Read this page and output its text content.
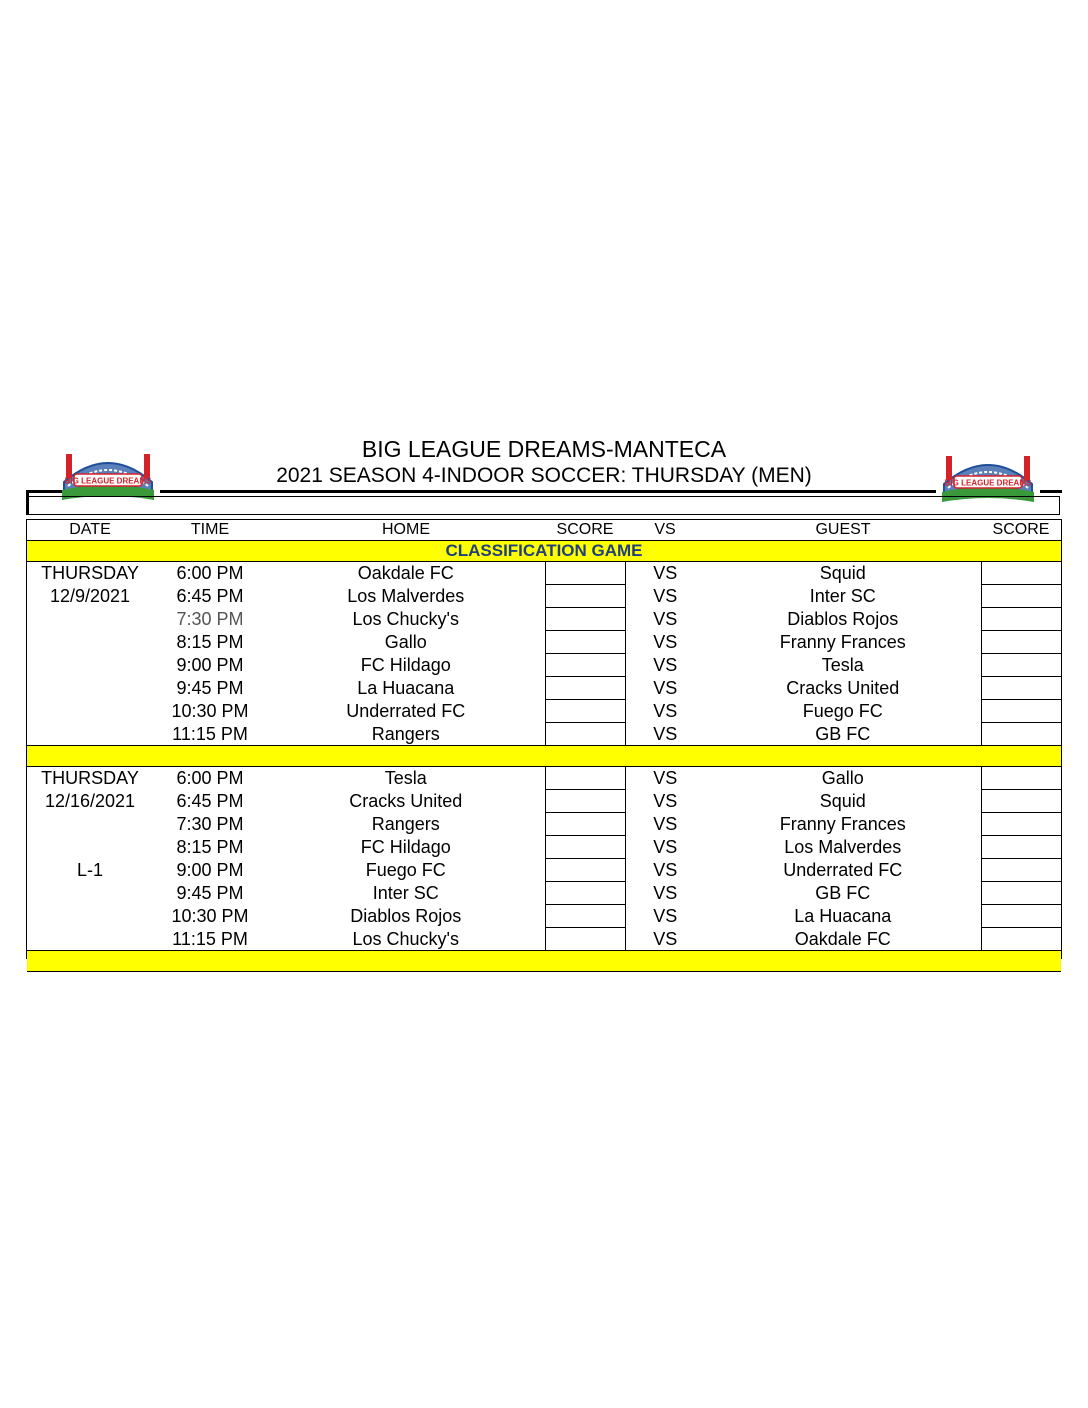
BIG LEAGUE DREAMS	BIG LEAGUE DREAMS
BIG LEAGUE DREAMS-MANTECA
2021 SEASON 4-INDOOR SOCCER: THURSDAY (MEN)
DATE	TIME	HOME	SCORE	VS	GUEST	SCORE
CLASSIFICATION GAME						
THURSDAY	6:00 PM	Oakdale FC		VS	Squid	
12/9/2021	6:45 PM	Los Malverdes		VS	Inter SC	
	7:30 PM	Los Chucky's		VS	Diablos Rojos	
	8:15 PM	Gallo		VS	Franny Frances	
	9:00 PM	FC Hildago		VS	Tesla	
	9:45 PM	La Huacana		VS	Cracks United	
	10:30 PM	Underrated FC		VS	Fuego FC	
	11:15 PM	Rangers		VS	GB FC	

THURSDAY	6:00 PM	Tesla		VS	Gallo	
12/16/2021	6:45 PM	Cracks United		VS	Squid	
	7:30 PM	Rangers		VS	Franny Frances	
	8:15 PM	FC Hildago		VS	Los Malverdes	
L-1	9:00 PM	Fuego FC		VS	Underrated FC	
	9:45 PM	Inter SC		VS	GB FC	
	10:30 PM	Diablos Rojos		VS	La Huacana	
	11:15 PM	Los Chucky's		VS	Oakdale FC	
